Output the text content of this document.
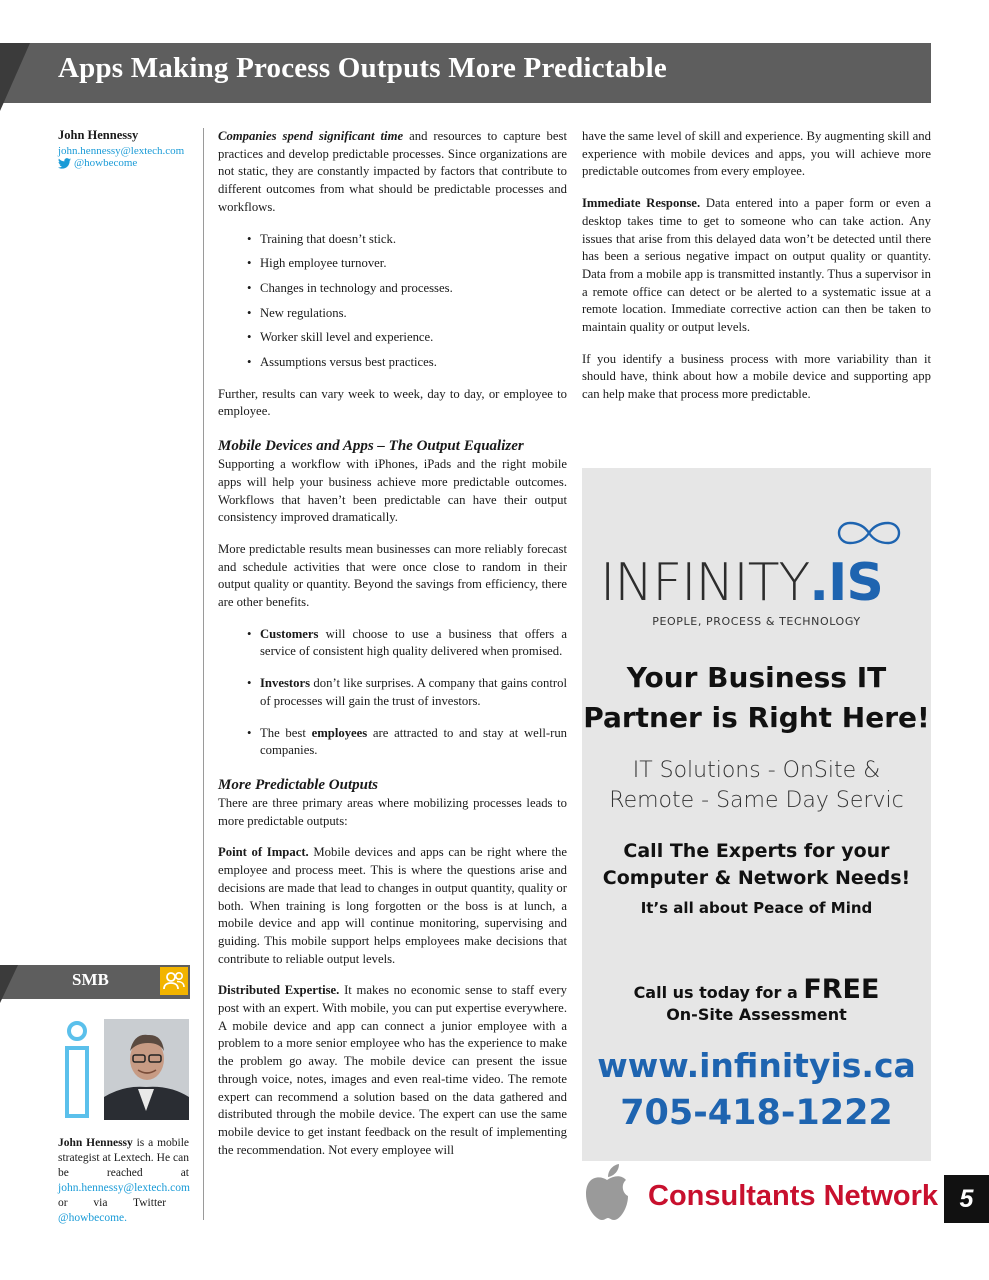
Apps Making Process Outputs More Predictable
John Hennessy
john.hennessy@lextech.com
@howbecome
SMB
John Hennessy is a mobile strategist at Lextech. He can be reached at john.hennessy@lextech.com or via Twitter @howbecome.

Companies spend significant time and resources to capture best practices and develop predictable processes. Since organizations are not static, they are constantly impacted by factors that contribute to different outcomes from what should be predictable processes and workflows.

• Training that doesn’t stick.
• High employee turnover.
• Changes in technology and processes.
• New regulations.
• Worker skill level and experience.
• Assumptions versus best practices.

Further, results can vary week to week, day to day, or employee to employee.

Mobile Devices and Apps – The Output Equalizer

Supporting a workflow with iPhones, iPads and the right mobile apps will help your business achieve more predictable outcomes. Workflows that haven’t been predictable can have their output consistency improved dramatically.

More predictable results mean businesses can more reliably forecast and schedule activities that were once close to random in their output quality or quantity. Beyond the savings from efficiency, there are other benefits.

• Customers will choose to use a business that offers a service of consistent high quality delivered when promised.
• Investors don’t like surprises. A company that gains control of processes will gain the trust of investors.
• The best employees are attracted to and stay at well-run companies.
More Predictable Outputs

There are three primary areas where mobilizing processes leads to more predictable outputs:

Point of Impact. Mobile devices and apps can be right where the employee and process meet. This is where the questions arise and decisions are made that lead to changes in output quantity, quality or both. When training is long forgotten or the boss is at lunch, a mobile device and app will continue monitoring, supervising and guiding. This mobile support helps employees make decisions that contribute to reliable output levels.

Distributed Expertise. It makes no economic sense to staff every post with an expert. With mobile, you can put expertise everywhere. A mobile device and app can connect a junior employee with a problem to a more senior employee who has the experience to make the problem go away. The mobile device can present the issue through voice, notes, images and even real-time video. The remote expert can recommend a solution based on the data gathered and distributed through the mobile device. The expert can use the same mobile device to get instant feedback on the result of implementing the recommendation. Not every employee will

have the same level of skill and experience. By augmenting skill and experience with mobile devices and apps, you will achieve more predictable outcomes from every employee.

Immediate Response. Data entered into a paper form or even a desktop takes time to get to someone who can take action. Any issues that arise from this delayed data won’t be detected until there has been a serious negative impact on output quality or quantity. Data from a mobile app is transmitted instantly. Thus a supervisor in a remote office can detect or be alerted to a systematic issue at a remote location. Immediate corrective action can then be taken to maintain quality or output levels.

If you identify a business process with more variability than it should have, think about how a mobile device and supporting app can help make that process more predictable.

INFINITY.IS
PEOPLE, PROCESS & TECHNOLOGY
Your Business IT
Partner is Right Here!
IT Solutions - OnSite &
Remote - Same Day Servic
Call The Experts for your
Computer & Network Needs!
It’s all about Peace of Mind
Call us today for a FREE
On-Site Assessment
www.infinityis.ca
705-418-1222
Consultants Network 5
